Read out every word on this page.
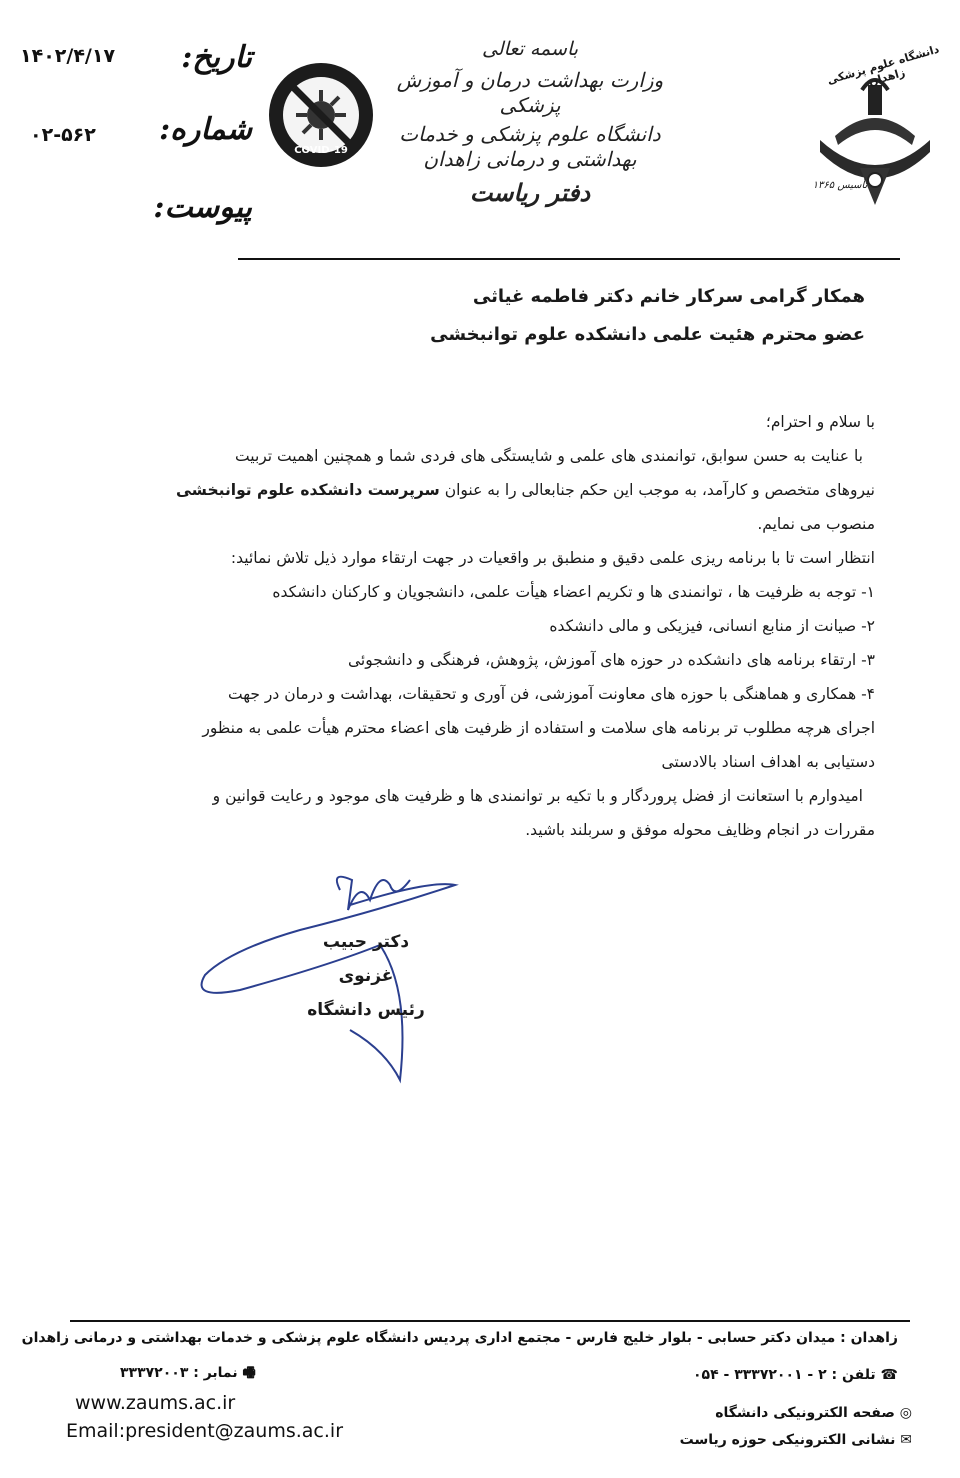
دانشگاه علوم پزشکی زاهدان
تأسیس ۱۳۶۵
باسمه تعالی
وزارت بهداشت درمان و آموزش پزشکی
دانشگاه علوم پزشکی و خدمات بهداشتی و درمانی زاهدان
دفتر ریاست
COVID-19
تاریخ:
۱۴۰۲/۴/۱۷
شماره:
۰۲-۵۶۲
پیوست:
همکار گرامی سرکار خانم دکتر فاطمه غیاثی
عضو محترم هئیت علمی دانشکده علوم توانبخشی
با سلام و احترام؛
با عنایت به حسن سوابق، توانمندی های علمی و شایستگی های فردی شما و همچنین اهمیت تربیت
نیروهای متخصص و کارآمد، به موجب این حکم جنابعالی را به عنوان سرپرست دانشکده علوم توانبخشی
منصوب می نمایم.
انتظار است تا با برنامه ریزی علمی دقیق و منطبق بر واقعیات در جهت ارتقاء موارد ذیل تلاش نمائید:
۱- توجه به ظرفیت ها ، توانمندی ها و تکریم اعضاء هیأت علمی، دانشجویان و کارکنان دانشکده
۲- صیانت از منابع انسانی، فیزیکی و مالی دانشکده
۳- ارتقاء برنامه های دانشکده در حوزه های آموزش، پژوهش، فرهنگی و دانشجوئی
۴- همکاری و هماهنگی با حوزه های معاونت آموزشی، فن آوری و تحقیقات، بهداشت و درمان در جهت
اجرای هرچه مطلوب تر برنامه های سلامت و استفاده از ظرفیت های اعضاء محترم هیأت علمی به منظور
دستیابی به اهداف اسناد بالادستی
امیدوارم با استعانت از فضل پروردگار و با تکیه بر توانمندی ها و ظرفیت های موجود و رعایت قوانین و
مقررات در انجام وظایف محوله موفق و سربلند باشید.
دکتر حبیب غزنوی
رئیس دانشگاه
زاهدان : میدان دکتر حسابی - بلوار خلیج فارس - مجتمع اداری پردیس دانشگاه علوم پزشکی و خدمات بهداشتی و درمانی زاهدان
☎ تلفن : ۲ - ۳۳۳۷۲۰۰۱ - ۰۵۴
🖷 نمابر : ۳۳۳۷۲۰۰۳
◎ صفحه الکترونیکی دانشگاه
✉ نشانی الکترونیکی حوزه ریاست
www.zaums.ac.ir
Email:president@zaums.ac.ir
